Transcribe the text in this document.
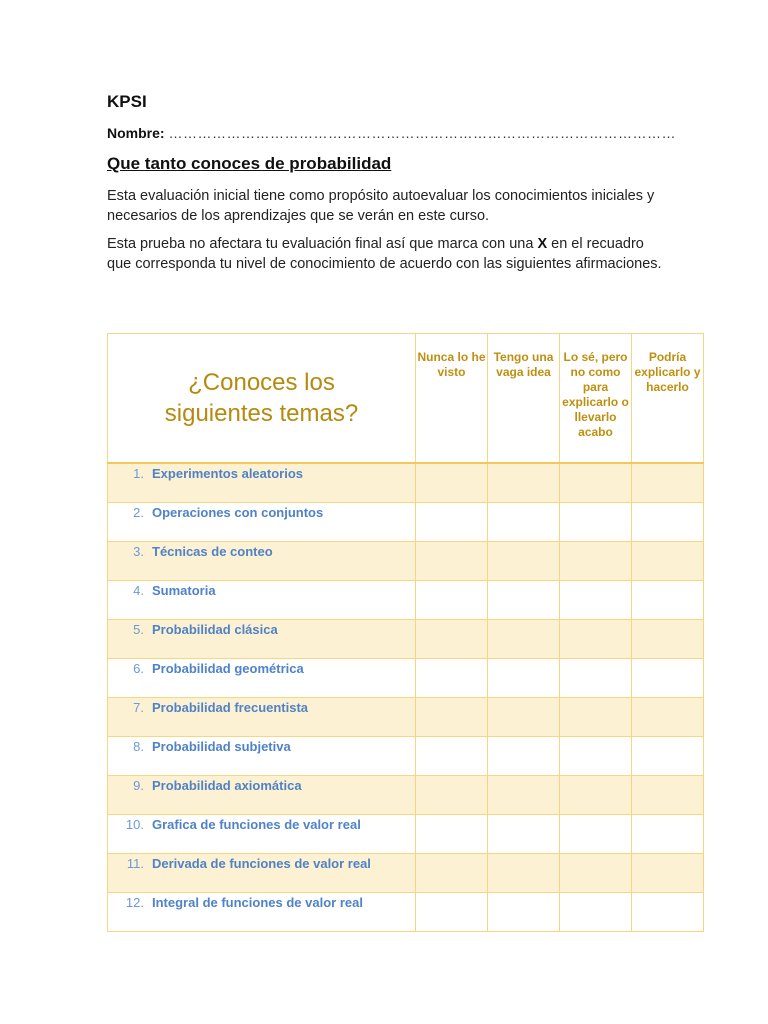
KPSI
Nombre: ……………………………………………………………………………………………
Que tanto conoces de probabilidad
Esta evaluación inicial tiene como propósito autoevaluar los conocimientos iniciales y necesarios de los aprendizajes que se verán en este curso.
Esta prueba no afectara tu evaluación final así que marca con una X en el recuadro que corresponda tu nivel de conocimiento de acuerdo con las siguientes afirmaciones.
¿Conoces los
siguientes temas?	Nunca lo he visto	Tengo una vaga idea	Lo sé, pero no como para explicarlo o llevarlo acabo	Podría explicarlo y hacerlo
1. Experimentos aleatorios				
2. Operaciones con conjuntos				
3. Técnicas de conteo				
4. Sumatoria				
5. Probabilidad clásica				
6. Probabilidad geométrica				
7. Probabilidad frecuentista				
8. Probabilidad subjetiva				
9. Probabilidad axiomática				
10. Grafica de funciones de valor real				
11. Derivada de funciones de valor real				
12. Integral de funciones de valor real				
